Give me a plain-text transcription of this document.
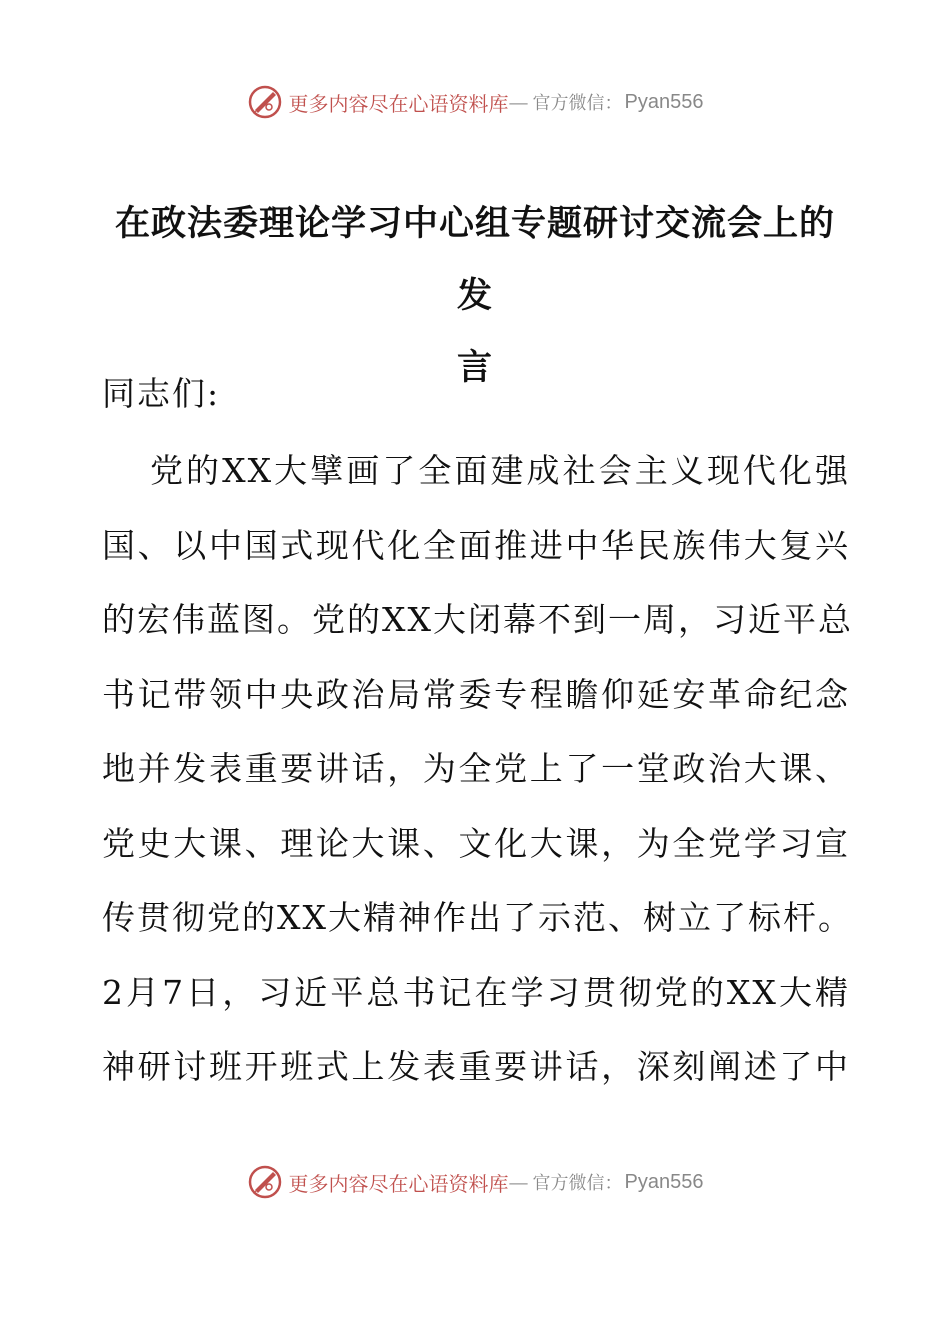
更多内容尽在心语资料库 — 官方微信： Pyan556
在政法委理论学习中心组专题研讨交流会上的发
言

同志们:

党的XX大擘画了全面建成社会主义现代化强
国、以中国式现代化全面推进中华民族伟大复兴
的宏伟蓝图。党的XX大闭幕不到一周，习近平总
书记带领中央政治局常委专程瞻仰延安革命纪念
地并发表重要讲话，为全党上了一堂政治大课、
党史大课、理论大课、文化大课，为全党学习宣
传贯彻党的XX大精神作出了示范、树立了标杆。
2月7日，习近平总书记在学习贯彻党的XX大精
神研讨班开班式上发表重要讲话，深刻阐述了中
更多内容尽在心语资料库 — 官方微信： Pyan556
